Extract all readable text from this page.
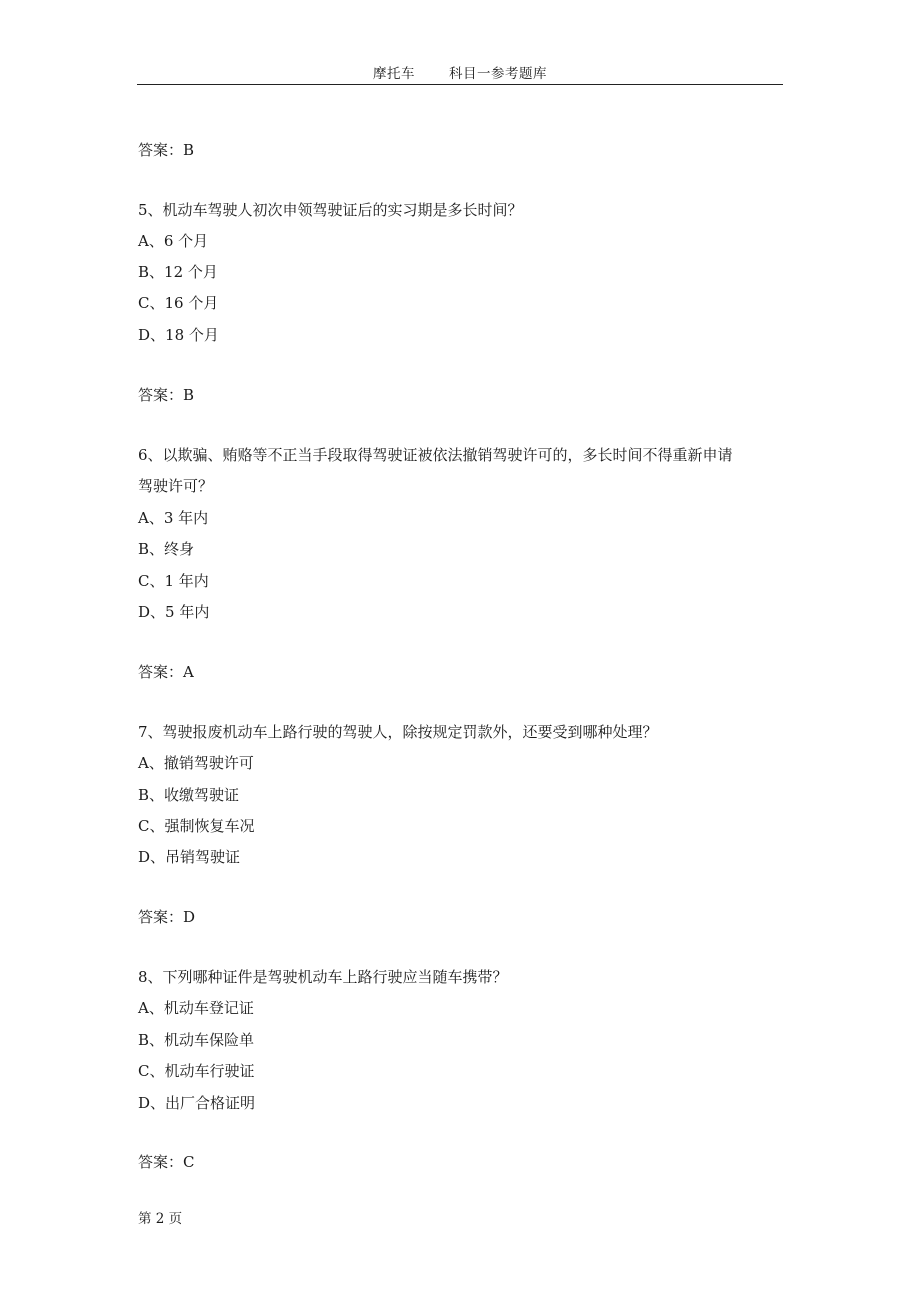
摩托车	科目一参考题库
答案：B
5、机动车驾驶人初次申领驾驶证后的实习期是多长时间？
A、6 个月
B、12 个月
C、16 个月
D、18 个月
答案：B
6、以欺骗、贿赂等不正当手段取得驾驶证被依法撤销驾驶许可的，多长时间不得重新申请
驾驶许可？
A、3 年内
B、终身
C、1 年内
D、5 年内
答案：A
7、驾驶报废机动车上路行驶的驾驶人，除按规定罚款外，还要受到哪种处理？
A、撤销驾驶许可
B、收缴驾驶证
C、强制恢复车况
D、吊销驾驶证
答案：D
8、下列哪种证件是驾驶机动车上路行驶应当随车携带？
A、机动车登记证
B、机动车保险单
C、机动车行驶证
D、出厂合格证明
答案：C
第 2 页
